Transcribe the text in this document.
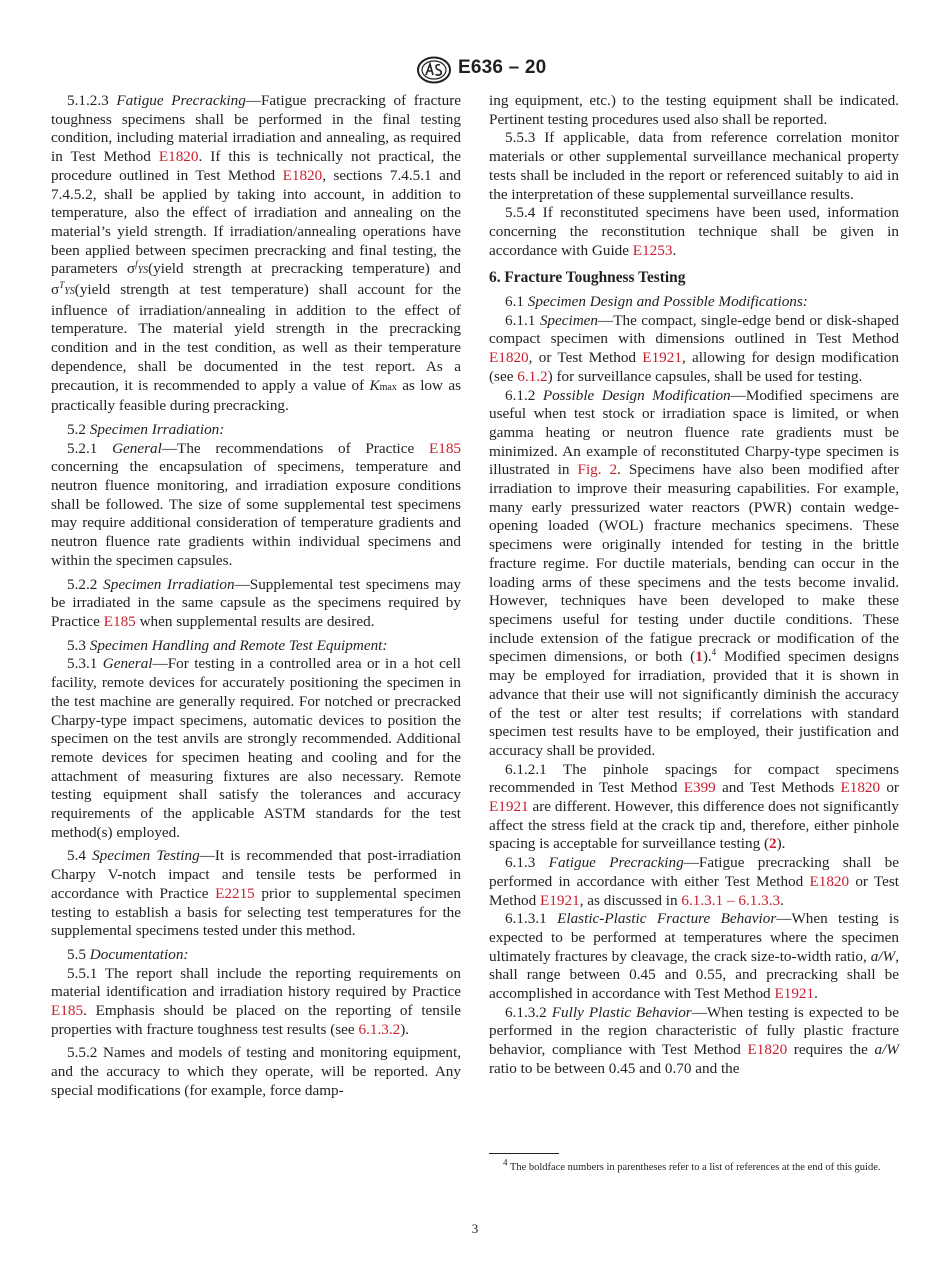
E636 – 20

5.1.2.3 Fatigue Precracking—Fatigue precracking of fracture toughness specimens shall be performed in the final testing condition, including material irradiation and annealing, as required in Test Method E1820. If this is technically not practical, the procedure outlined in Test Method E1820, sections 7.4.5.1 and 7.4.5.2, shall be applied by taking into account, in addition to temperature, also the effect of irradiation and annealing on the material’s yield strength. If irradiation/annealing operations have been applied between specimen precracking and final testing, the parameters $\sigma^fYS(yield$ strength at precracking temperature) and $\sigma^TYS(yield$ strength at test temperature) shall account for the influence of irradiation/annealing in addition to the effect of temperature. The material yield strength in the precracking condition and in the test condition, as well as their temperature dependence, shall be documented in the test report. As a precaution, it is recommended to apply a value of Kmax as low as practically feasible during precracking.

5.2 Specimen Irradiation:

5.2.1 General—The recommendations of Practice E185 concerning the encapsulation of specimens, temperature and neutron fluence monitoring, and irradiation exposure conditions shall be followed. The size of some supplemental test specimens may require additional consideration of temperature gradients and neutron fluence rate gradients within individual specimens and within the specimen capsules.

5.2.2 Specimen Irradiation—Supplemental test specimens may be irradiated in the same capsule as the specimens required by Practice E185 when supplemental results are desired.

5.3 Specimen Handling and Remote Test Equipment:

5.3.1 General—For testing in a controlled area or in a hot cell facility, remote devices for accurately positioning the specimen in the test machine are generally required. For notched or precracked Charpy-type impact specimens, automatic devices to position the specimen on the test anvils are strongly recommended. Additional remote devices for specimen heating and cooling and for the attachment of measuring fixtures are also necessary. Remote testing equipment shall satisfy the tolerances and accuracy requirements of the applicable ASTM standards for the test method(s) employed.

5.4 Specimen Testing—It is recommended that post-irradiation Charpy V-notch impact and tensile tests be performed in accordance with Practice E2215 prior to supplemental specimen testing to establish a basis for selecting test temperatures for the supplemental specimens tested under this method.

5.5 Documentation:

5.5.1 The report shall include the reporting requirements on material identification and irradiation history required by Practice E185. Emphasis should be placed on the reporting of tensile properties with fracture toughness test results (see 6.1.3.2).

5.5.2 Names and models of testing and monitoring equipment, and the accuracy to which they operate, will be reported. Any special modifications (for example, force damp-

ing equipment, etc.) to the testing equipment shall be indicated. Pertinent testing procedures used also shall be reported.

5.5.3 If applicable, data from reference correlation monitor materials or other supplemental surveillance mechanical property tests shall be included in the report or referenced suitably to aid in the interpretation of these supplemental surveillance results.

5.5.4 If reconstituted specimens have been used, information concerning the reconstitution technique shall be given in accordance with Guide E1253.

6. Fracture Toughness Testing

6.1 Specimen Design and Possible Modifications:

6.1.1 Specimen—The compact, single-edge bend or disk-shaped compact specimen with dimensions outlined in Test Method E1820, or Test Method E1921, allowing for design modification (see 6.1.2) for surveillance capsules, shall be used for testing.

6.1.2 Possible Design Modification—Modified specimens are useful when test stock or irradiation space is limited, or when gamma heating or neutron fluence rate gradients must be minimized. An example of reconstituted Charpy-type specimen is illustrated in Fig. 2. Specimens have also been modified after irradiation to improve their measuring capabilities. For example, many early pressurized water reactors (PWR) contain wedge-opening loaded (WOL) fracture mechanics specimens. These specimens were originally intended for testing in the brittle fracture regime. For ductile materials, bending can occur in the loading arms of these specimens and the tests become invalid. However, techniques have been developed to make these specimens useful for testing under ductile conditions. These include extension of the fatigue precrack or modification of the specimen dimensions, or both (1).$^4$ Modified specimen designs may be employed for irradiation, provided that it is shown in advance that their use will not significantly diminish the accuracy of the test or alter test results; if correlations with standard specimen test results have to be employed, their justification and accuracy shall be provided.

6.1.2.1 The pinhole spacings for compact specimens recommended in Test Method E399 and Test Methods E1820 or E1921 are different. However, this difference does not significantly affect the stress field at the crack tip and, therefore, either pinhole spacing is acceptable for surveillance testing (2).

6.1.3 Fatigue Precracking—Fatigue precracking shall be performed in accordance with either Test Method E1820 or Test Method E1921, as discussed in 6.1.3.1 – 6.1.3.3.

6.1.3.1 Elastic-Plastic Fracture Behavior—When testing is expected to be performed at temperatures where the specimen ultimately fractures by cleavage, the crack size-to-width ratio, a/W, shall range between 0.45 and 0.55, and precracking shall be accomplished in accordance with Test Method E1921.

6.1.3.2 Fully Plastic Behavior—When testing is expected to be performed in the region characteristic of fully plastic fracture behavior, compliance with Test Method E1820 requires the a/W ratio to be between 0.45 and 0.70 and the

4 The boldface numbers in parentheses refer to a list of references at the end of this guide.
3
